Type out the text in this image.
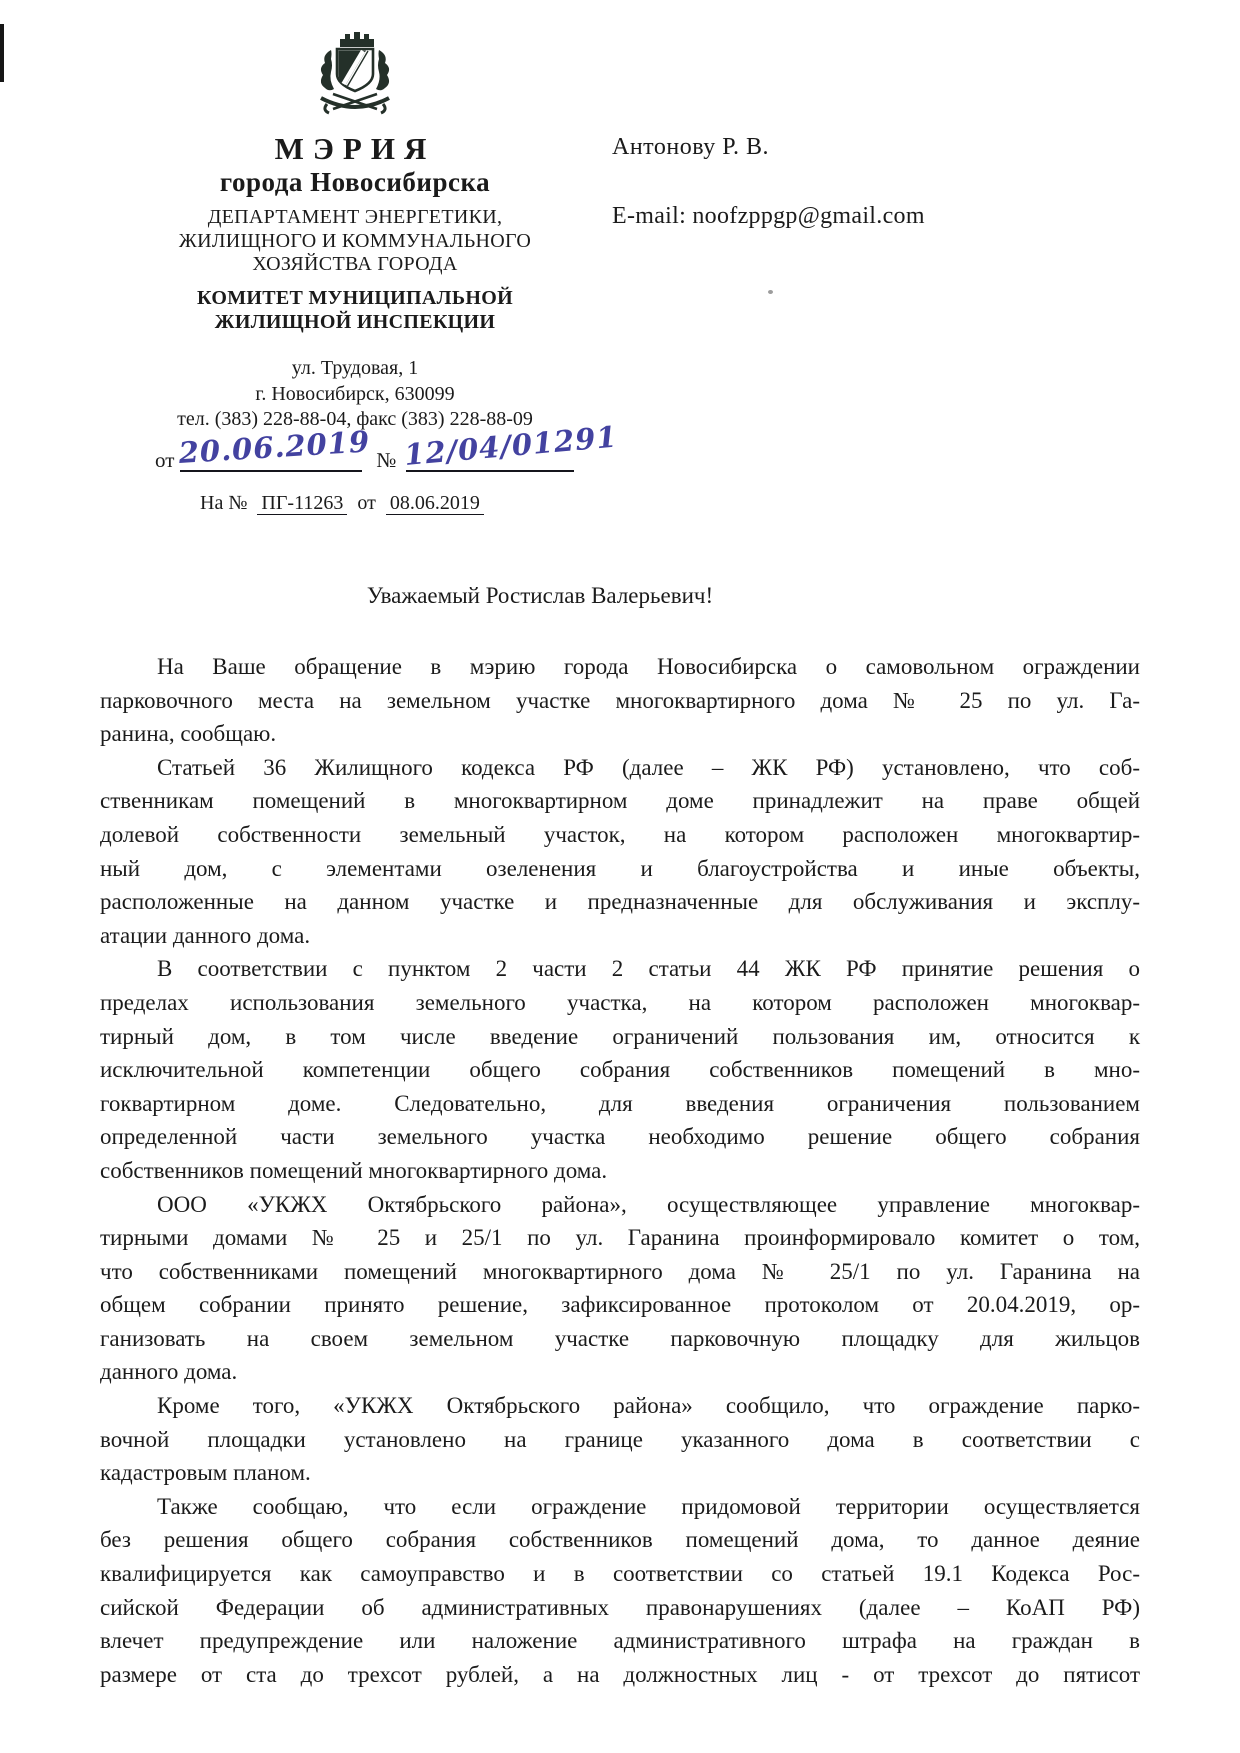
МЭРИЯ
города Новосибирска
ДЕПАРТАМЕНТ ЭНЕРГЕТИКИ,
ЖИЛИЩНОГО И КОММУНАЛЬНОГО
ХОЗЯЙСТВА ГОРОДА
КОМИТЕТ МУНИЦИПАЛЬНОЙ
ЖИЛИЩНОЙ ИНСПЕКЦИИ
ул. Трудовая, 1
г. Новосибирск, 630099
тел. (383) 228-88-04, факс (383) 228-88-09
от 20.06.2019 № 12/04/01291
На № ПГ-11263 от 08.06.2019
Антонову Р. В.
E-mail: noofzppgp@gmail.com
Уважаемый Ростислав Валерьевич!
На Ваше обращение в мэрию города Новосибирска о самовольном ограждении
парковочного места на земельном участке многоквартирного дома № 25 по ул. Га-
ранина, сообщаю.
Статьей 36 Жилищного кодекса РФ (далее – ЖК РФ) установлено, что соб-
ственникам помещений в многоквартирном доме принадлежит на праве общей
долевой собственности земельный участок, на котором расположен многоквартир-
ный дом, с элементами озеленения и благоустройства и иные объекты,
расположенные на данном участке и предназначенные для обслуживания и эксплу-
атации данного дома.
В соответствии с пунктом 2 части 2 статьи 44 ЖК РФ принятие решения о
пределах использования земельного участка, на котором расположен многоквар-
тирный дом, в том числе введение ограничений пользования им, относится к
исключительной компетенции общего собрания собственников помещений в мно-
гоквартирном доме. Следовательно, для введения ограничения пользованием
определенной части земельного участка необходимо решение общего собрания
собственников помещений многоквартирного дома.
ООО «УКЖХ Октябрьского района», осуществляющее управление многоквар-
тирными домами № 25 и 25/1 по ул. Гаранина проинформировало комитет о том,
что собственниками помещений многоквартирного дома № 25/1 по ул. Гаранина на
общем собрании принято решение, зафиксированное протоколом от 20.04.2019, ор-
ганизовать на своем земельном участке парковочную площадку для жильцов
данного дома.
Кроме того, «УКЖХ Октябрьского района» сообщило, что ограждение парко-
вочной площадки установлено на границе указанного дома в соответствии с
кадастровым планом.
Также сообщаю, что если ограждение придомовой территории осуществляется
без решения общего собрания собственников помещений дома, то данное деяние
квалифицируется как самоуправство и в соответствии со статьей 19.1 Кодекса Рос-
сийской Федерации об административных правонарушениях (далее – КоАП РФ)
влечет предупреждение или наложение административного штрафа на граждан в
размере от ста до трехсот рублей, а на должностных лиц - от трехсот до пятисот
